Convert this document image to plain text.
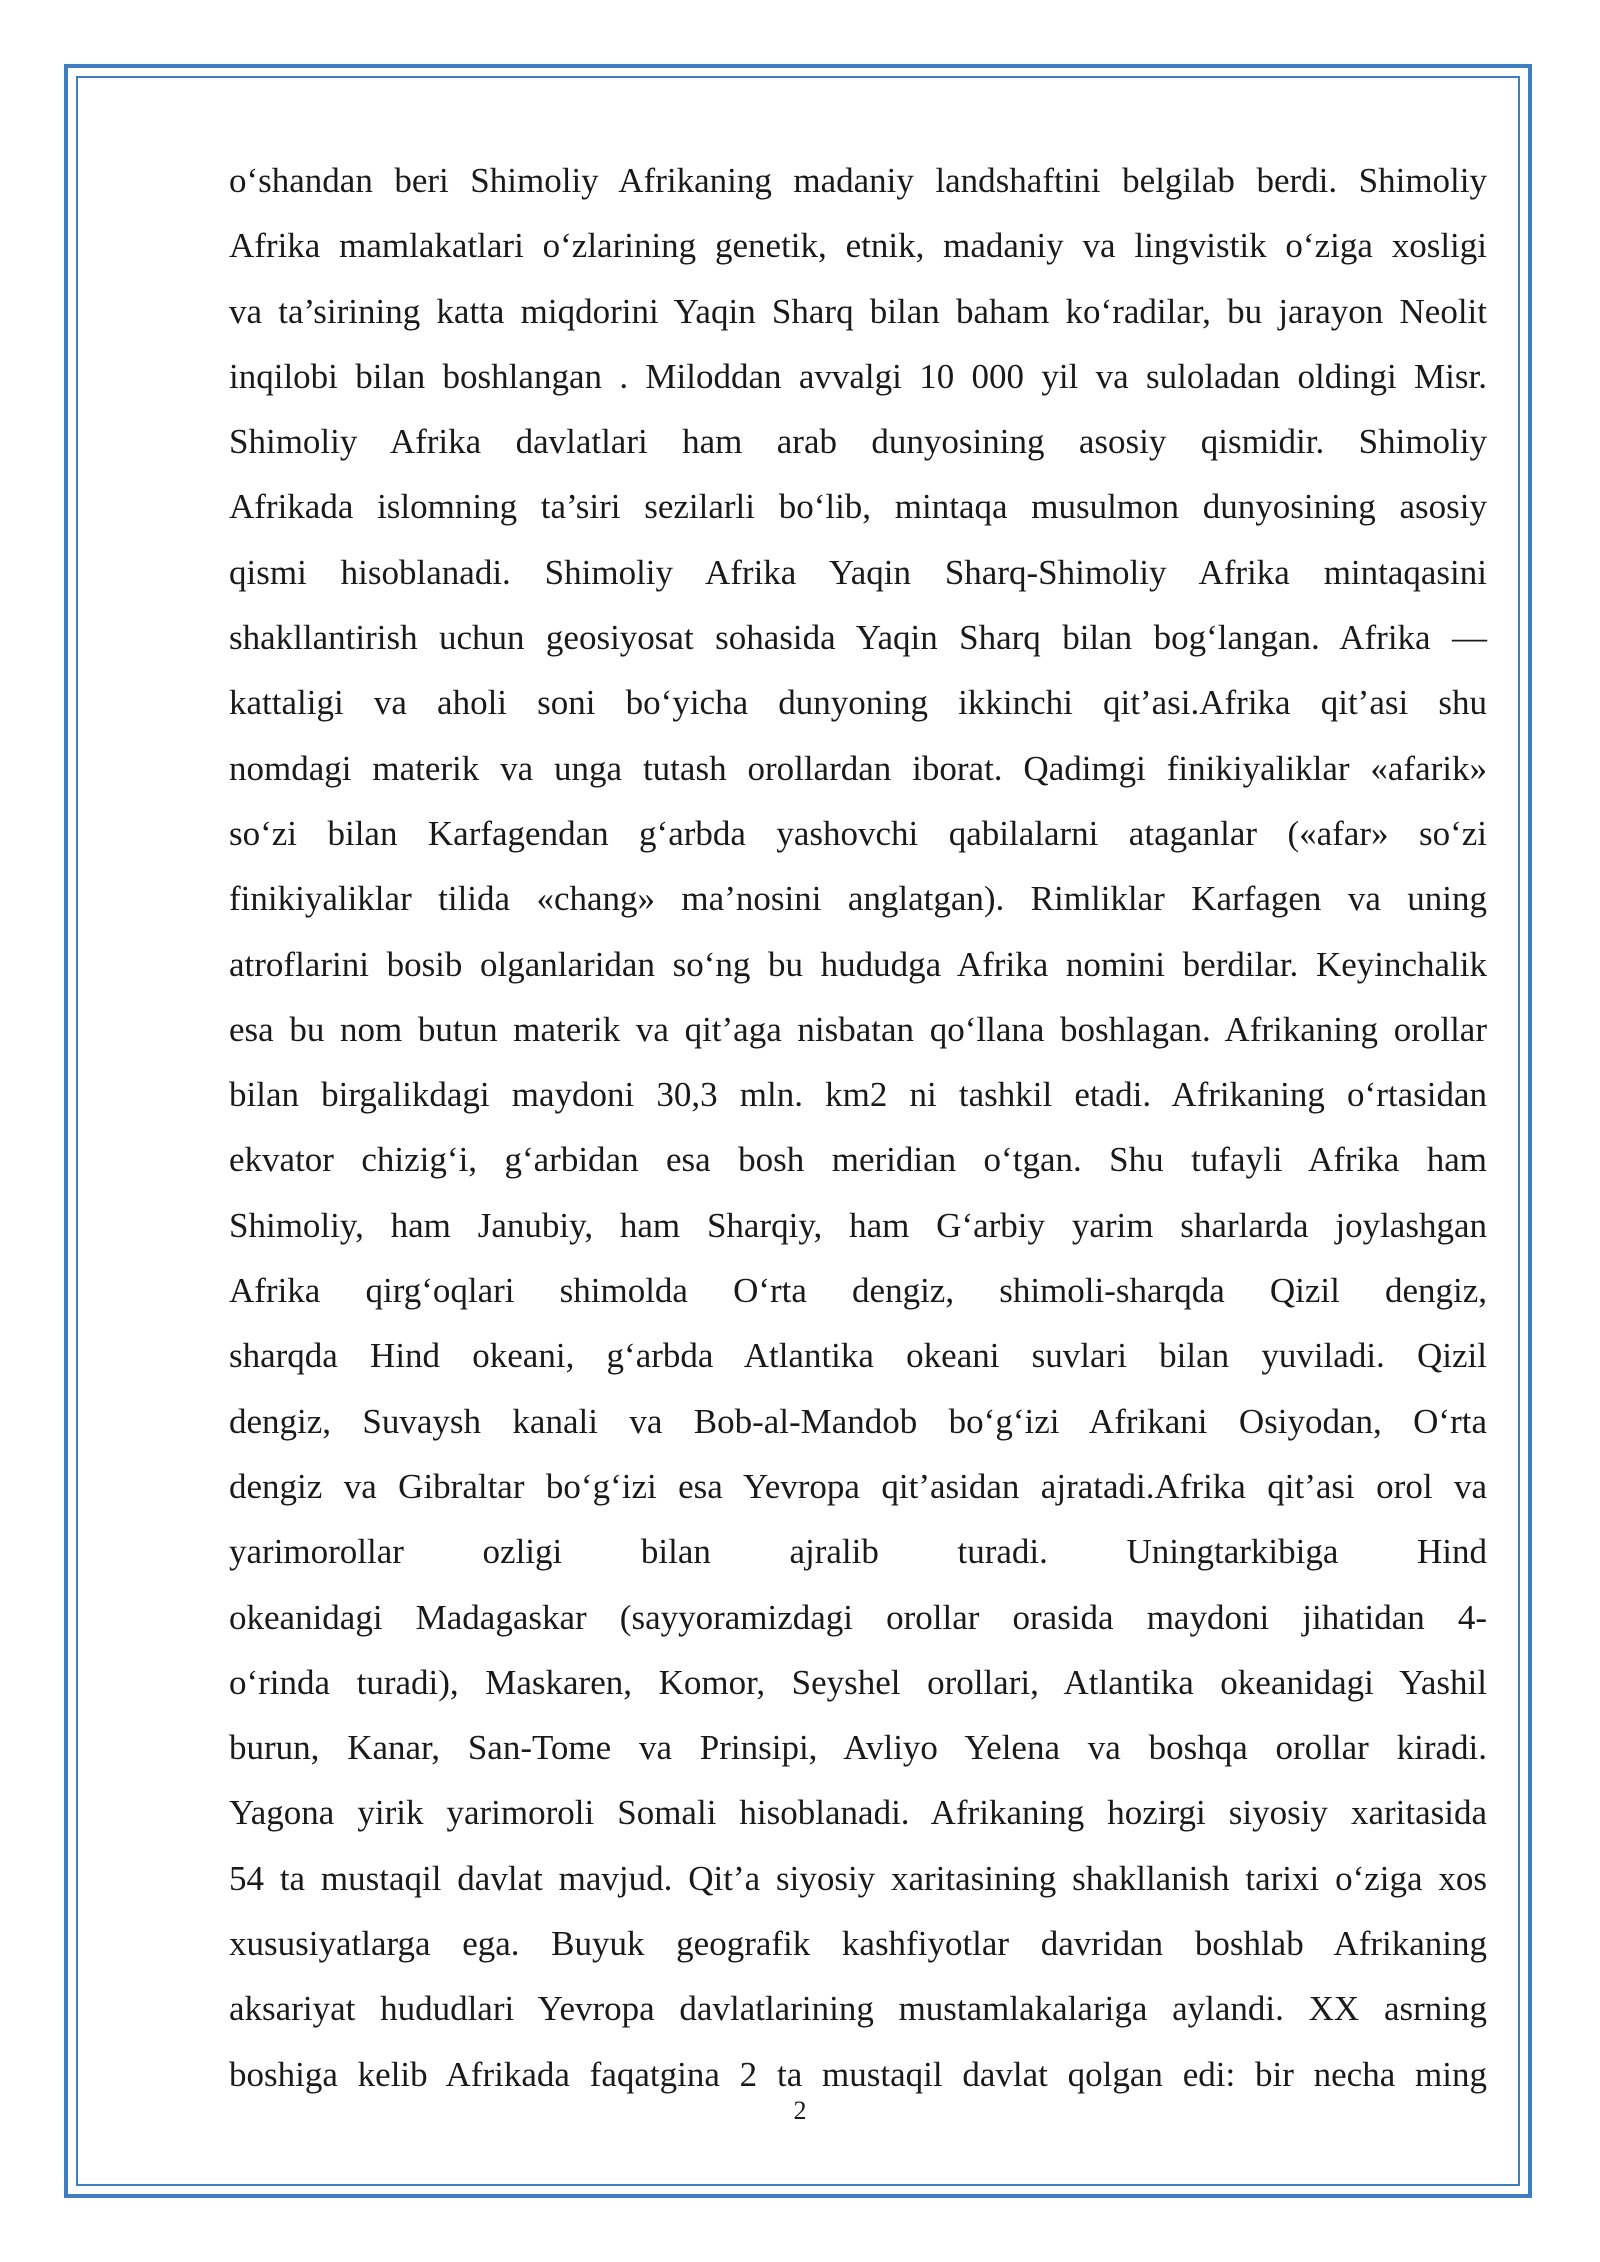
o‘shandan beri Shimoliy Afrikaning madaniy landshaftini belgilab berdi. Shimoliy
Afrika mamlakatlari o‘zlarining genetik, etnik, madaniy va lingvistik o‘ziga xosligi
va ta’sirining katta miqdorini Yaqin Sharq bilan baham ko‘radilar, bu jarayon Neolit
inqilobi bilan boshlangan . Miloddan avvalgi 10 000 yil va suloladan oldingi Misr.
Shimoliy Afrika davlatlari ham arab dunyosining asosiy qismidir. Shimoliy
Afrikada islomning ta’siri sezilarli bo‘lib, mintaqa musulmon dunyosining asosiy
qismi hisoblanadi. Shimoliy Afrika Yaqin Sharq-Shimoliy Afrika mintaqasini
shakllantirish uchun geosiyosat sohasida Yaqin Sharq bilan bog‘langan. Afrika —
kattaligi va aholi soni bo‘yicha dunyoning ikkinchi qit’asi.Afrika qit’asi shu
nomdagi materik va unga tutash orollardan iborat. Qadimgi finikiyaliklar «afarik»
so‘zi bilan Karfagendan g‘arbda yashovchi qabilalarni ataganlar («afar» so‘zi
finikiyaliklar tilida «chang» ma’nosini anglatgan). Rimliklar Karfagen va uning
atroflarini bosib olganlaridan so‘ng bu hududga Afrika nomini berdilar. Keyinchalik
esa bu nom butun materik va qit’aga nisbatan qo‘llana boshlagan. Afrikaning orollar
bilan birgalikdagi maydoni 30,3 mln. km2 ni tashkil etadi. Afrikaning o‘rtasidan
ekvator chizig‘i, g‘arbidan esa bosh meridian o‘tgan. Shu tufayli Afrika ham
Shimoliy, ham Janubiy, ham Sharqiy, ham G‘arbiy yarim sharlarda joylashgan
Afrika qirg‘oqlari shimolda O‘rta dengiz, shimoli-sharqda Qizil dengiz,
sharqda Hind okeani, g‘arbda Atlantika okeani suvlari bilan yuviladi. Qizil
dengiz, Suvaysh kanali va Bob-al-Mandob bo‘g‘izi Afrikani Osiyodan, O‘rta
dengiz va Gibraltar bo‘g‘izi esa Yevropa qit’asidan ajratadi.Afrika qit’asi orol va
yarimorollar ozligi bilan ajralib turadi. Uningtarkibiga Hind
okeanidagi Madagaskar (sayyoramizdagi orollar orasida maydoni jihatidan 4-
o‘rinda turadi), Maskaren, Komor, Seyshel orollari, Atlantika okeanidagi Yashil
burun, Kanar, San-Tome va Prinsipi, Avliyo Yelena va boshqa orollar kiradi.
Yagona yirik yarimoroli Somali hisoblanadi. Afrikaning hozirgi siyosiy xaritasida
54 ta mustaqil davlat mavjud. Qit’a siyosiy xaritasining shakllanish tarixi o‘ziga xos
xususiyatlarga ega. Buyuk geografik kashfiyotlar davridan boshlab Afrikaning
aksariyat hududlari Yevropa davlatlarining mustamlakalariga aylandi. XX asrning
boshiga kelib Afrikada faqatgina 2 ta mustaqil davlat qolgan edi: bir necha ming
2
